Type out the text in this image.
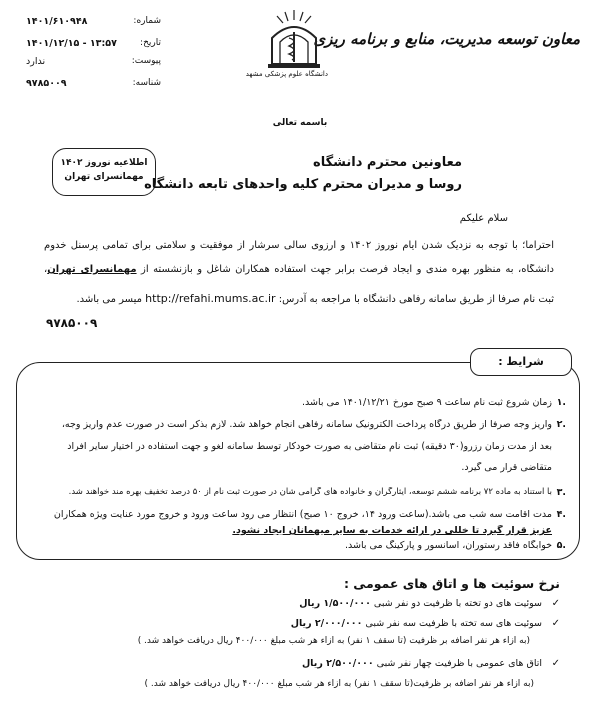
معاون توسعه مدیریت، منابع و برنامه ریزی
دانشگاه علوم پزشکی مشهد
شماره:
۱۴۰۱/۶۱۰۹۴۸
تاریخ:
۱۴۰۱/۱۲/۱۵ - ۱۳:۵۷
پیوست:
ندارد
شناسه:
۹۷۸۵۰۰۹
باسمه تعالی
اطلاعیه نوروز ۱۴۰۲
مهمانسرای تهران
معاونین محترم دانشگاه
روسا و مدیران محترم کلیه واحدهای تابعه دانشگاه
سلام علیکم
احتراماً؛ با توجه به نزدیک شدن ایام نوروز ۱۴۰۲ و آرزوی سالی سرشار از موفقیت و سلامتی برای تمامی پرسنل خدوم
دانشگاه، به منظور بهره مندی و ایجاد فرصت برابر جهت استفاده همکاران شاغل و بازنشسته از مهمانسرای تهران،
ثبت نام صرفا از طریق سامانه رفاهی دانشگاه با مراجعه به آدرس: http://refahi.mums.ac.ir میسر می باشد.
۹۷۸۵۰۰۹
شرایط :
۱.
زمان شروع ثبت نام ساعت ۹ صبح مورخ ۱۴۰۱/۱۲/۲۱ می باشد.
۲.
واریز وجه صرفا از طریق درگاه پرداخت الکترونیک سامانه رفاهی انجام خواهد شد. لازم بذکر است در صورت عدم واریز وجه،
بعد از مدت زمان رزرو(۳۰ دقیقه) ثبت نام متقاضی به صورت خودکار توسط سامانه لغو و جهت استفاده در اختیار سایر افراد
متقاضی قرار می گیرد.
۳.
با استناد به ماده ۷۲ برنامه ششم توسعه، ایثارگران و خانواده های گرامی شان در صورت ثبت نام از ۵۰ درصد تخفیف بهره مند خواهند شد.
۴.
مدت اقامت سه شب می باشد.(ساعت ورود ۱۴، خروج ۱۰ صبح) انتظار می رود ساعت ورود و خروج مورد عنایت ویژه همکاران
عزیز قرار گیرد تا خللی در ارائه خدمات به سایر میهمانان ایجاد نشود.
۵.
خوابگاه فاقد رستوران، آسانسور و پارکینگ می باشد.
نرخ سوئیت ها و اتاق های عمومی :
✓
سوئیت های دو تخته با ظرفیت دو نفر شبی ۱/۵۰۰/۰۰۰ ریال
✓
سوئیت های سه تخته با ظرفیت سه نفر شبی ۲/۰۰۰/۰۰۰ ریال
(به ازاء هر نفر اضافه بر ظرفیت (تا سقف ۱ نفر) به ازاء هر شب مبلغ ۴۰۰/۰۰۰ ریال دریافت خواهد شد. )
✓
اتاق های عمومی با ظرفیت چهار نفر شبی ۲/۵۰۰/۰۰۰ ریال
(به ازاء هر نفر اضافه بر ظرفیت(تا سقف ۱ نفر) به ازاء هر شب مبلغ ۴۰۰/۰۰۰ ریال دریافت خواهد شد. )
